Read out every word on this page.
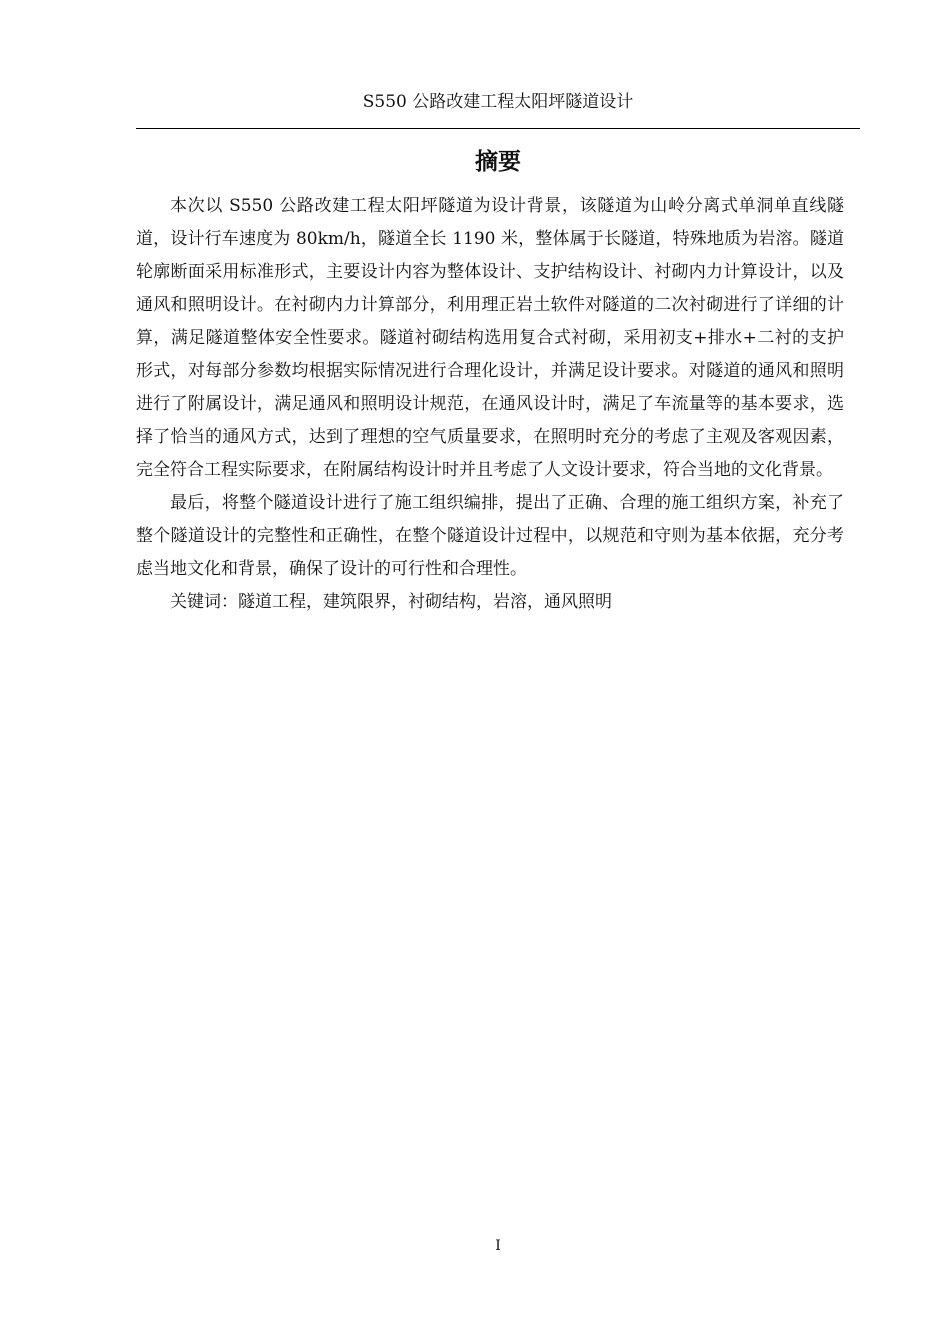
S550 公路改建工程太阳坪隧道设计
摘要

本次以 S550 公路改建工程太阳坪隧道为设计背景，该隧道为山岭分离式单洞单直线隧道，设计行车速度为 80km/h，隧道全长 1190 米，整体属于长隧道，特殊地质为岩溶。隧道轮廓断面采用标准形式，主要设计内容为整体设计、支护结构设计、衬砌内力计算设计，以及通风和照明设计。在衬砌内力计算部分，利用理正岩土软件对隧道的二次衬砌进行了详细的计算，满足隧道整体安全性要求。隧道衬砌结构选用复合式衬砌，采用初支+排水+二衬的支护形式，对每部分参数均根据实际情况进行合理化设计，并满足设计要求。对隧道的通风和照明进行了附属设计，满足通风和照明设计规范，在通风设计时，满足了车流量等的基本要求，选择了恰当的通风方式，达到了理想的空气质量要求，在照明时充分的考虑了主观及客观因素，完全符合工程实际要求，在附属结构设计时并且考虑了人文设计要求，符合当地的文化背景。

最后，将整个隧道设计进行了施工组织编排，提出了正确、合理的施工组织方案，补充了整个隧道设计的完整性和正确性，在整个隧道设计过程中，以规范和守则为基本依据，充分考虑当地文化和背景，确保了设计的可行性和合理性。

关键词：隧道工程，建筑限界，衬砌结构，岩溶，通风照明

I
